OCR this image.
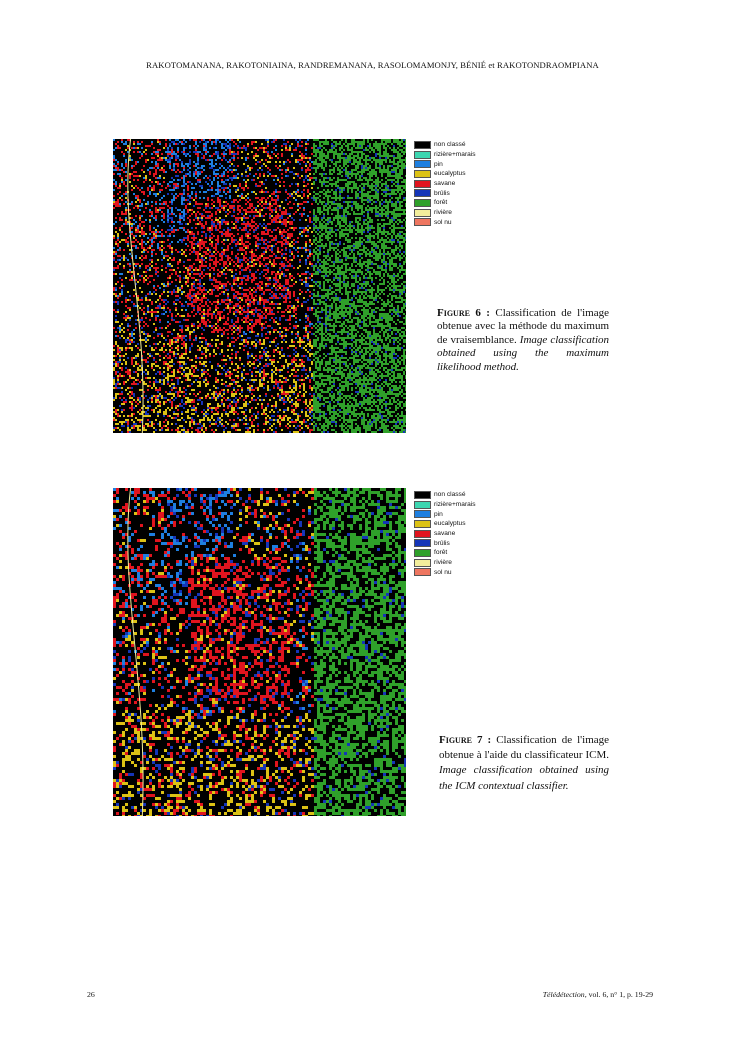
RAKOTOMANANA, RAKOTONIAINA, RANDREMANANA, RASOLOMAMONJY, BÉNIÉ et RAKOTONDRAOMPIANA
non classé
rizière+marais
pin
eucalyptus
savane
brûlis
forêt
rivière
sol nu
Figure 6 : Classification de l'image obtenue avec la méthode du maximum de vraisemblance. Image classification obtained using the maximum likelihood method.
non classé
rizière+marais
pin
eucalyptus
savane
brûlis
forêt
rivière
sol nu
Figure 7 : Classification de l'image obtenue à l'aide du classificateur ICM. Image classification obtained using the ICM contextual classifier.
26	Télédétection, vol. 6, n° 1, p. 19-29
